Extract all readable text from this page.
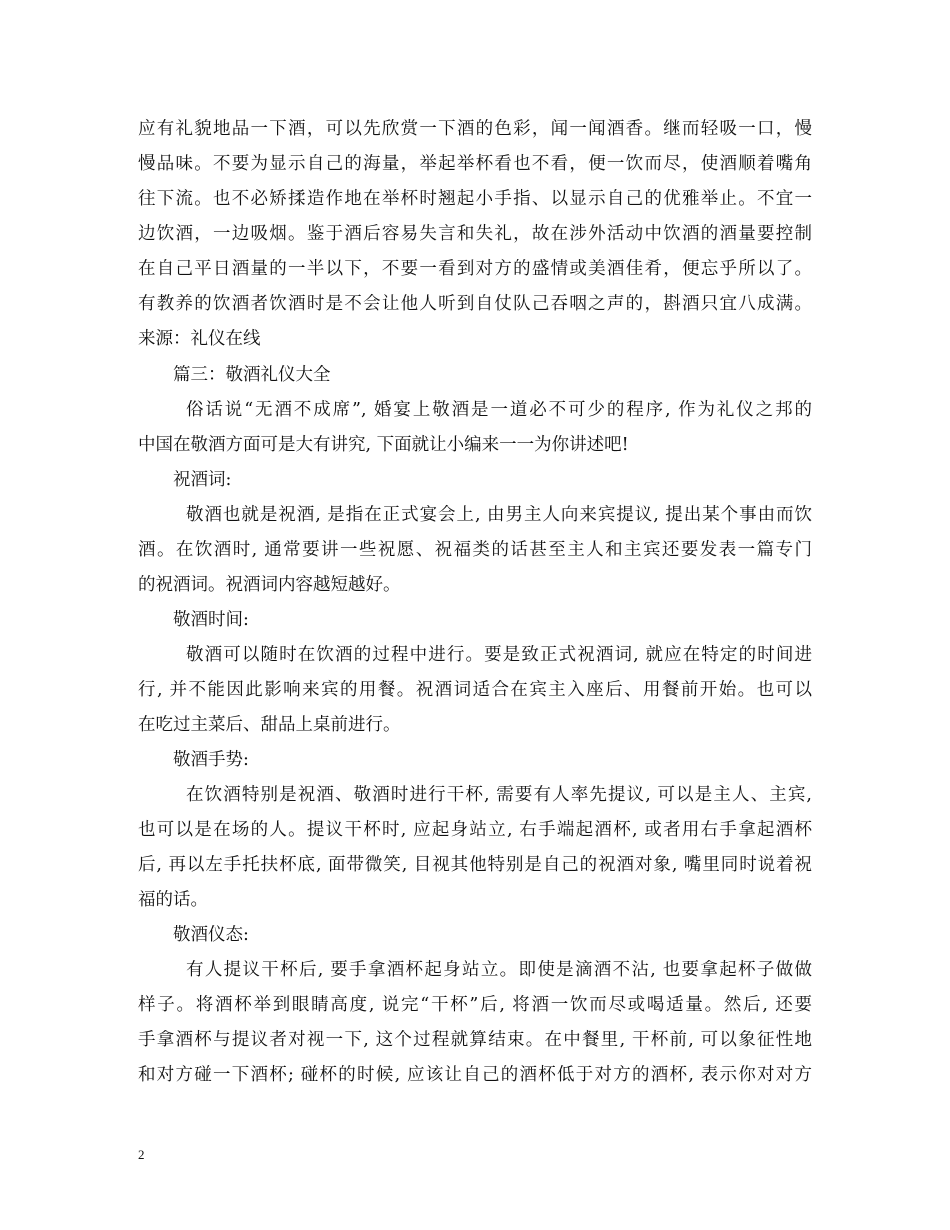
应有礼貌地品一下酒，可以先欣赏一下酒的色彩，闻一闻酒香。继而轻吸一口，慢
慢品味。不要为显示自己的海量，举起举杯看也不看，便一饮而尽，使酒顺着嘴角
往下流。也不必矫揉造作地在举杯时翘起小手指、以显示自己的优雅举止。不宜一
边饮酒，一边吸烟。鉴于酒后容易失言和失礼，故在涉外活动中饮酒的酒量要控制
在自己平日酒量的一半以下，不要一看到对方的盛情或美酒佳肴，便忘乎所以了。
有教养的饮酒者饮酒时是不会让他人听到自仗队己吞咽之声的，斟酒只宜八成满。
来源：礼仪在线
篇三：敬酒礼仪大全
俗话说“无酒不成席”, 婚宴上敬酒是一道必不可少的程序, 作为礼仪之邦的
中国在敬酒方面可是大有讲究, 下面就让小编来一一为你讲述吧!
祝酒词:
敬酒也就是祝酒, 是指在正式宴会上, 由男主人向来宾提议, 提出某个事由而饮
酒。在饮酒时, 通常要讲一些祝愿、祝福类的话甚至主人和主宾还要发表一篇专门
的祝酒词。祝酒词内容越短越好。
敬酒时间:
敬酒可以随时在饮酒的过程中进行。要是致正式祝酒词, 就应在特定的时间进
行, 并不能因此影响来宾的用餐。祝酒词适合在宾主入座后、用餐前开始。也可以
在吃过主菜后、甜品上桌前进行。
敬酒手势:
在饮酒特别是祝酒、敬酒时进行干杯, 需要有人率先提议, 可以是主人、主宾,
也可以是在场的人。提议干杯时, 应起身站立, 右手端起酒杯, 或者用右手拿起酒杯
后, 再以左手托扶杯底, 面带微笑, 目视其他特别是自己的祝酒对象, 嘴里同时说着祝
福的话。
敬酒仪态:
有人提议干杯后, 要手拿酒杯起身站立。即使是滴酒不沾, 也要拿起杯子做做
样子。将酒杯举到眼睛高度, 说完“干杯”后, 将酒一饮而尽或喝适量。然后, 还要
手拿酒杯与提议者对视一下, 这个过程就算结束。在中餐里, 干杯前, 可以象征性地
和对方碰一下酒杯; 碰杯的时候, 应该让自己的酒杯低于对方的酒杯, 表示你对对方
2
